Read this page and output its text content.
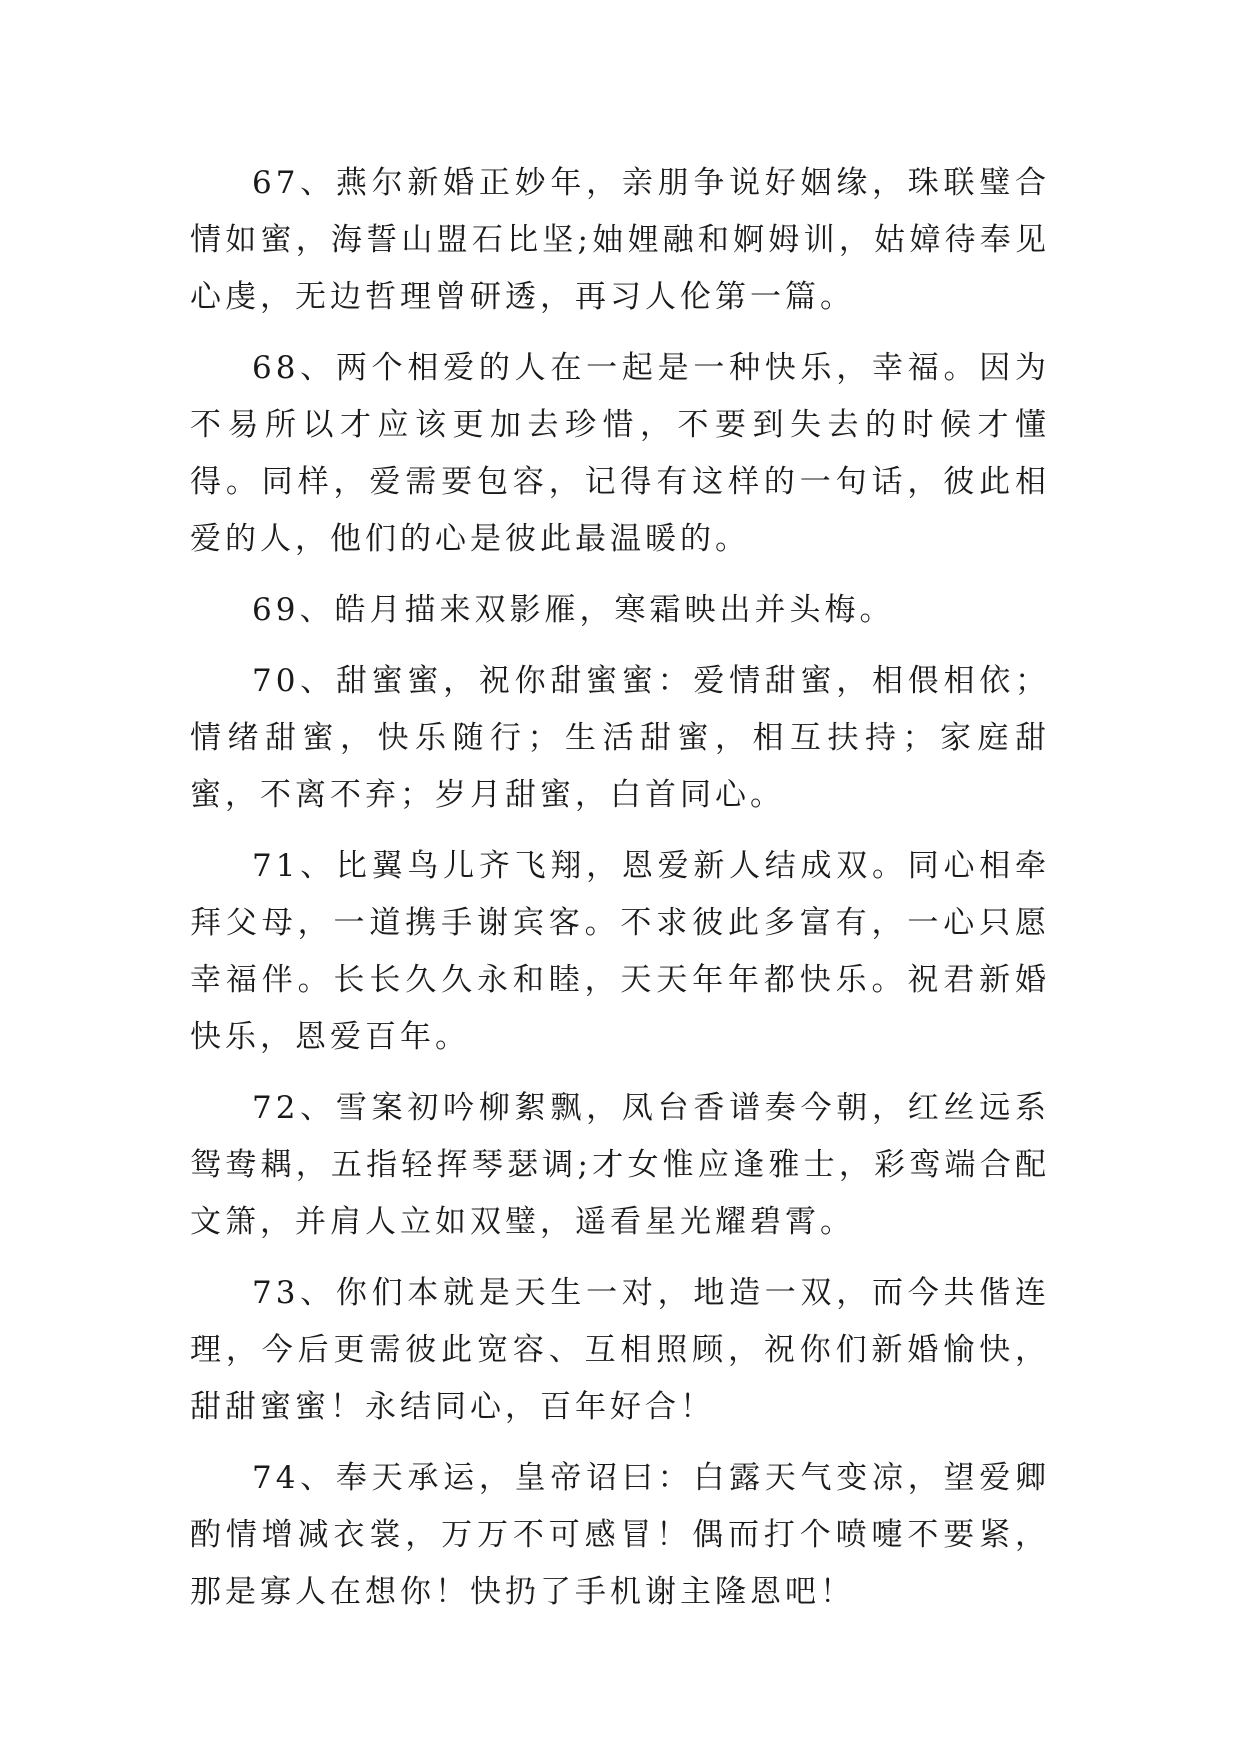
67、燕尔新婚正妙年，亲朋争说好姻缘，珠联璧合情如蜜，海誓山盟石比坚;妯娌融和婀姆训，姑嫜待奉见心虔，无边哲理曾研透，再习人伦第一篇。

68、两个相爱的人在一起是一种快乐，幸福。因为不易所以才应该更加去珍惜，不要到失去的时候才懂得。同样，爱需要包容，记得有这样的一句话，彼此相爱的人，他们的心是彼此最温暖的。

69、皓月描来双影雁，寒霜映出并头梅。

70、甜蜜蜜，祝你甜蜜蜜：爱情甜蜜，相偎相依；情绪甜蜜，快乐随行；生活甜蜜，相互扶持；家庭甜蜜，不离不弃；岁月甜蜜，白首同心。

71、比翼鸟儿齐飞翔，恩爱新人结成双。同心相牵拜父母，一道携手谢宾客。不求彼此多富有，一心只愿幸福伴。长长久久永和睦，天天年年都快乐。祝君新婚快乐，恩爱百年。

72、雪案初吟柳絮飘，凤台香谱奏今朝，红丝远系鸳鸯耦，五指轻挥琴瑟调;才女惟应逢雅士，彩鸾端合配文箫，并肩人立如双璧，遥看星光耀碧霄。

73、你们本就是天生一对，地造一双，而今共偕连理，今后更需彼此宽容、互相照顾，祝你们新婚愉快，甜甜蜜蜜！永结同心，百年好合！

74、奉天承运，皇帝诏曰：白露天气变凉，望爱卿酌情增减衣裳，万万不可感冒！偶而打个喷嚏不要紧，那是寡人在想你！快扔了手机谢主隆恩吧！
